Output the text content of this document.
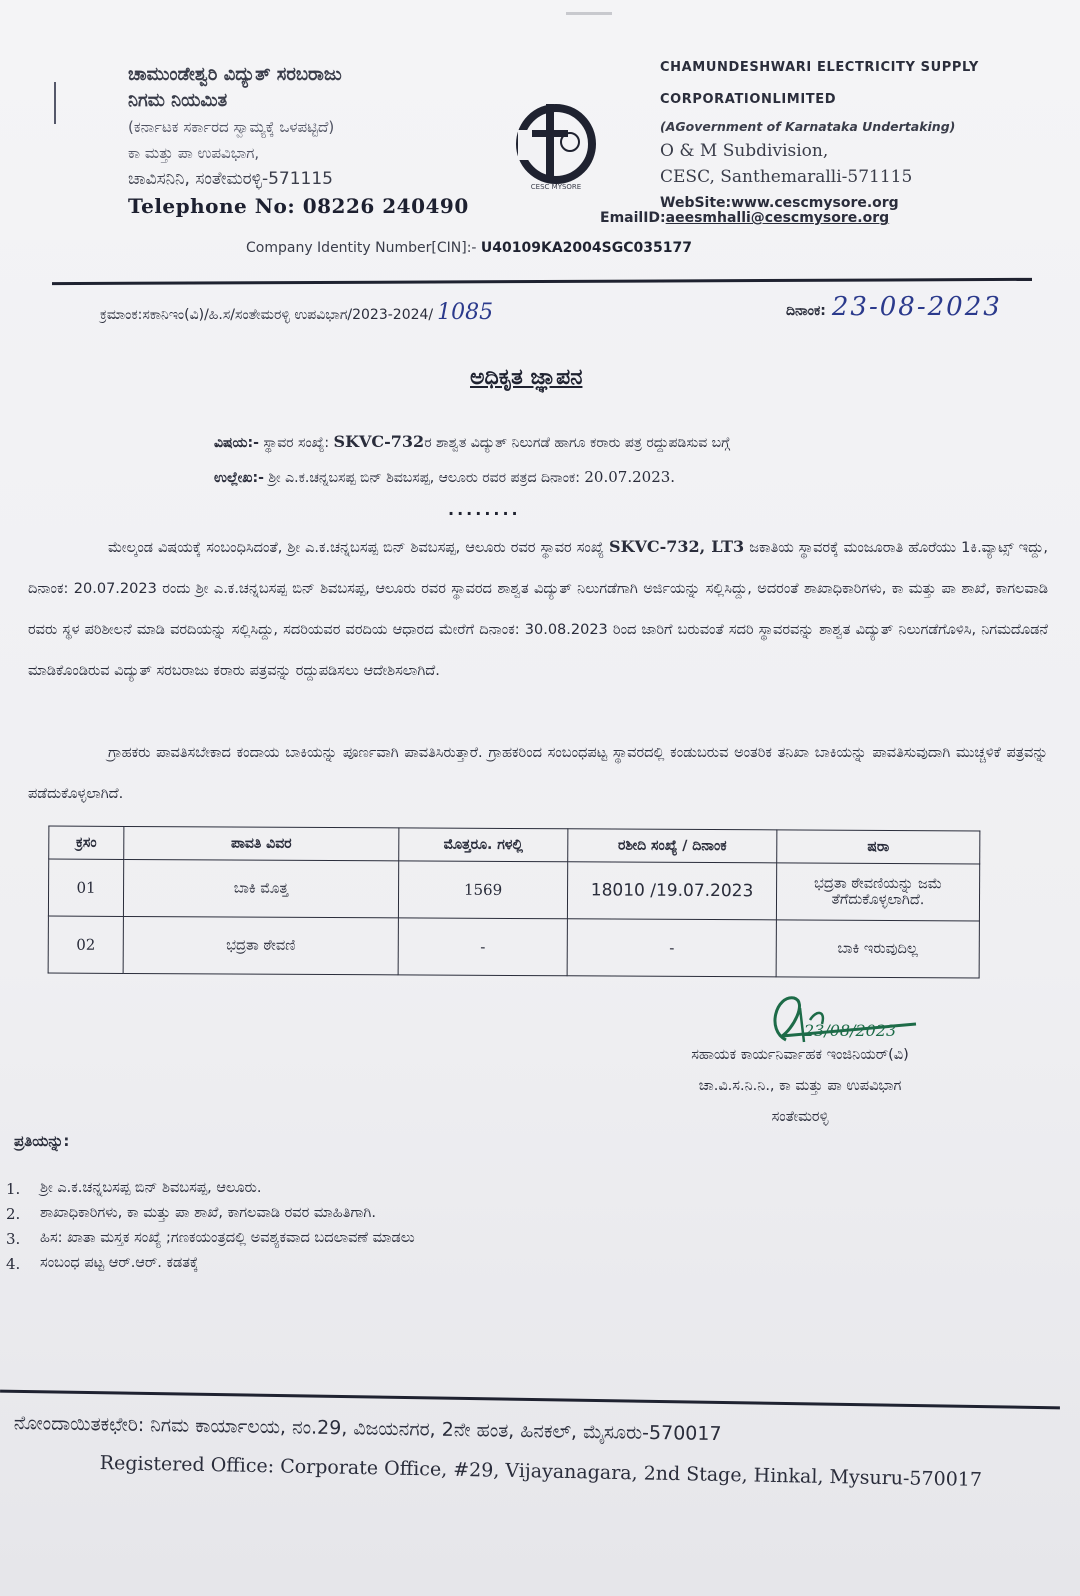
ಚಾಮುಂಡೇಶ್ವರಿ ವಿದ್ಯುತ್ ಸರಬರಾಜು
ನಿಗಮ ನಿಯಮಿತ
(ಕರ್ನಾಟಕ ಸರ್ಕಾರದ ಸ್ವಾಮ್ಯಕ್ಕೆ ಒಳಪಟ್ಟಿದೆ)
ಕಾ ಮತ್ತು ಪಾ ಉಪವಿಭಾಗ,
ಚಾವಿಸನಿನಿ, ಸಂತೇಮರಳ್ಳಿ-571115
Telephone No: 08226 240490
CESC MYSORE
CHAMUNDESHWARI ELECTRICITY SUPPLY
CORPORATIONLIMITED
(AGovernment of Karnataka Undertaking)
O & M Subdivision,
CESC, Santhemaralli-571115
WebSite:www.cescmysore.org
EmailID:aeesmhalli@cescmysore.org
Company Identity Number[CIN]:- U40109KA2004SGC035177
ಕ್ರಮಾಂಕ:ಸಕಾನಿಇಂ(ವಿ)/ಹಿ.ಸ/ಸಂತೇಮರಳ್ಳಿ ಉಪವಿಭಾಗ/2023-2024/ 1085	ದಿನಾಂಕ: 23-08-2023
ಅಧಿಕೃತ ಜ್ಞಾಪನ
ವಿಷಯ:- ಸ್ಥಾವರ ಸಂಖ್ಯೆ: SKVC-732ರ ಶಾಶ್ವತ ವಿದ್ಯುತ್ ನಿಲುಗಡೆ ಹಾಗೂ ಕರಾರು ಪತ್ರ ರದ್ದುಪಡಿಸುವ ಬಗ್ಗೆ
ಉಲ್ಲೇಖ:- ಶ್ರೀ ಎ.ಕ.ಚನ್ನಬಸಪ್ಪ ಬಿನ್ ಶಿವಬಸಪ್ಪ, ಆಲೂರು ರವರ ಪತ್ರದ ದಿನಾಂಕ: 20.07.2023.
........
ಮೇಲ್ಕಂಡ ವಿಷಯಕ್ಕೆ ಸಂಬಂಧಿಸಿದಂತೆ, ಶ್ರೀ ಎ.ಕ.ಚನ್ನಬಸಪ್ಪ ಬಿನ್ ಶಿವಬಸಪ್ಪ, ಆಲೂರು ರವರ ಸ್ಥಾವರ ಸಂಖ್ಯೆ SKVC-732, LT3 ಜಕಾತಿಯ ಸ್ಥಾವರಕ್ಕೆ ಮಂಜೂರಾತಿ ಹೊರೆಯು 1ಕಿ.ವ್ಯಾಟ್ಸ್ ಇದ್ದು, ದಿನಾಂಕ: 20.07.2023 ರಂದು ಶ್ರೀ ಎ.ಕ.ಚನ್ನಬಸಪ್ಪ ಬಿನ್ ಶಿವಬಸಪ್ಪ, ಆಲೂರು ರವರ ಸ್ಥಾವರದ ಶಾಶ್ವತ ವಿದ್ಯುತ್ ನಿಲುಗಡೆಗಾಗಿ ಅರ್ಜಿಯನ್ನು ಸಲ್ಲಿಸಿದ್ದು, ಅದರಂತೆ ಶಾಖಾಧಿಕಾರಿಗಳು, ಕಾ ಮತ್ತು ಪಾ ಶಾಖೆ, ಕಾಗಲವಾಡಿ ರವರು ಸ್ಥಳ ಪರಿಶೀಲನೆ ಮಾಡಿ ವರದಿಯನ್ನು ಸಲ್ಲಿಸಿದ್ದು, ಸದರಿಯವರ ವರದಿಯ ಆಧಾರದ ಮೇರೆಗೆ ದಿನಾಂಕ: 30.08.2023 ರಿಂದ ಜಾರಿಗೆ ಬರುವಂತೆ ಸದರಿ ಸ್ಥಾವರವನ್ನು ಶಾಶ್ವತ ವಿದ್ಯುತ್ ನಿಲುಗಡೆಗೊಳಿಸಿ, ನಿಗಮದೊಡನೆ ಮಾಡಿಕೊಂಡಿರುವ ವಿದ್ಯುತ್ ಸರಬರಾಜು ಕರಾರು ಪತ್ರವನ್ನು ರದ್ದುಪಡಿಸಲು ಆದೇಶಿಸಲಾಗಿದೆ.
ಗ್ರಾಹಕರು ಪಾವತಿಸಬೇಕಾದ ಕಂದಾಯ ಬಾಕಿಯನ್ನು ಪೂರ್ಣವಾಗಿ ಪಾವತಿಸಿರುತ್ತಾರೆ. ಗ್ರಾಹಕರಿಂದ ಸಂಬಂಧಪಟ್ಟ ಸ್ಥಾವರದಲ್ಲಿ ಕಂಡುಬರುವ ಅಂತರಿಕ ತನಿಖಾ ಬಾಕಿಯನ್ನು ಪಾವತಿಸುವುದಾಗಿ ಮುಚ್ಚಳಿಕೆ ಪತ್ರವನ್ನು ಪಡೆದುಕೊಳ್ಳಲಾಗಿದೆ.
ಕ್ರಸಂ	ಪಾವತಿ ವಿವರ	ಮೊತ್ತರೂ. ಗಳಲ್ಲಿ	ರಶೀದಿ ಸಂಖ್ಯೆ / ದಿನಾಂಕ	ಷರಾ
01	ಬಾಕಿ ಮೊತ್ತ	1569	18010 /19.07.2023	ಭದ್ರತಾ ಠೇವಣಿಯನ್ನು ಜಮೆ ತೆಗೆದುಕೊಳ್ಳಲಾಗಿದೆ.
02	ಭದ್ರತಾ ಠೇವಣಿ	-	-	ಬಾಕಿ ಇರುವುದಿಲ್ಲ
23/08/2023
ಸಹಾಯಕ ಕಾರ್ಯನಿರ್ವಾಹಕ ಇಂಜಿನಿಯರ್(ವಿ)
ಚಾ.ವಿ.ಸ.ನಿ.ನಿ., ಕಾ ಮತ್ತು ಪಾ ಉಪವಿಭಾಗ
ಸಂತೇಮರಳ್ಳಿ
ಪ್ರತಿಯನ್ನು:
1.	ಶ್ರೀ ಎ.ಕ.ಚನ್ನಬಸಪ್ಪ ಬಿನ್ ಶಿವಬಸಪ್ಪ, ಆಲೂರು.
2.	ಶಾಖಾಧಿಕಾರಿಗಳು, ಕಾ ಮತ್ತು ಪಾ ಶಾಖೆ, ಕಾಗಲವಾಡಿ ರವರ ಮಾಹಿತಿಗಾಗಿ.
3.	ಹಿಸ: ಖಾತಾ ಮಸ್ತಕ ಸಂಖ್ಯೆ ;ಗಣಕಯಂತ್ರದಲ್ಲಿ ಅವಶ್ಯಕವಾದ ಬದಲಾವಣೆ ಮಾಡಲು
4.	ಸಂಬಂಧ ಪಟ್ಟ ಆರ್.ಆರ್. ಕಡತಕ್ಕೆ
ನೋಂದಾಯಿತಕಛೇರಿ: ನಿಗಮ ಕಾರ್ಯಾಲಯ, ನಂ.29, ವಿಜಯನಗರ, 2ನೇ ಹಂತ, ಹಿನಕಲ್, ಮೈಸೂರು-570017
Registered Office: Corporate Office, #29, Vijayanagara, 2nd Stage, Hinkal, Mysuru-570017
